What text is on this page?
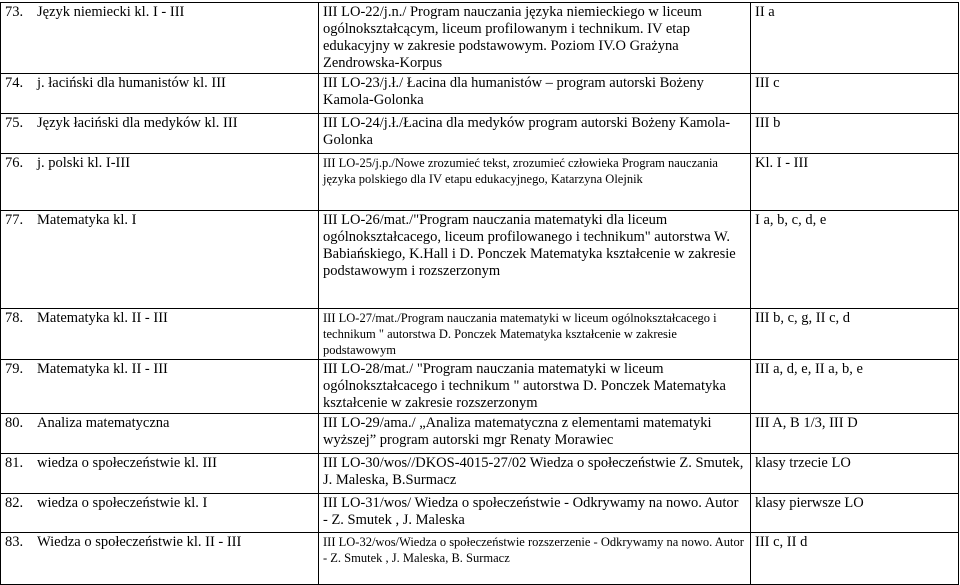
73. Język niemiecki kl. I - III	III LO-22/j.n./ Program nauczania języka niemieckiego w liceum ogólnokształcącym, liceum profilowanym i technikum. IV etap edukacyjny w zakresie podstawowym. Poziom IV.O Grażyna Zendrowska-Korpus	II a
74. j. łaciński dla humanistów kl. III	III LO-23/j.ł./ Łacina dla humanistów – program autorski Bożeny Kamola-Golonka	III c
75. Język łaciński dla medyków kl. III	III LO-24/j.ł./Łacina dla medyków program autorski Bożeny Kamola-Golonka	III b
76. j. polski kl. I-III	III LO-25/j.p./Nowe zrozumieć tekst, zrozumieć człowieka Program nauczania języka polskiego dla IV etapu edukacyjnego, Katarzyna Olejnik	Kl. I - III
77. Matematyka kl. I	III LO-26/mat./"Program nauczania matematyki dla liceum ogólnokształcacego, liceum profilowanego i technikum" autorstwa W. Babiańskiego, K.Hall i D. Ponczek Matematyka kształcenie w zakresie podstawowym i rozszerzonym	I a, b, c, d, e
78. Matematyka kl. II - III	III LO-27/mat./Program nauczania matematyki w liceum ogólnokształcacego i technikum " autorstwa D. Ponczek Matematyka kształcenie w zakresie podstawowym	III b, c, g, II c, d
79. Matematyka kl. II - III	III LO-28/mat./ "Program nauczania matematyki w liceum ogólnokształcacego i technikum " autorstwa D. Ponczek Matematyka kształcenie w zakresie rozszerzonym	III a, d, e, II a, b, e
80. Analiza matematyczna	III LO-29/ama./ „Analiza matematyczna z elementami matematyki wyższej” program autorski mgr Renaty Morawiec	III A, B 1/3, III D
81. wiedza o społeczeństwie kl. III	III LO-30/wos//DKOS-4015-27/02 Wiedza o społeczeństwie Z. Smutek, J. Maleska, B.Surmacz	klasy trzecie LO
82. wiedza o społeczeństwie kl. I	III LO-31/wos/ Wiedza o społeczeństwie - Odkrywamy na nowo. Autor - Z. Smutek , J. Maleska	klasy pierwsze LO
83. Wiedza o społeczeństwie kl. II - III	III LO-32/wos/Wiedza o społeczeństwie rozszerzenie - Odkrywamy na nowo. Autor - Z. Smutek , J. Maleska, B. Surmacz	III c, II d
